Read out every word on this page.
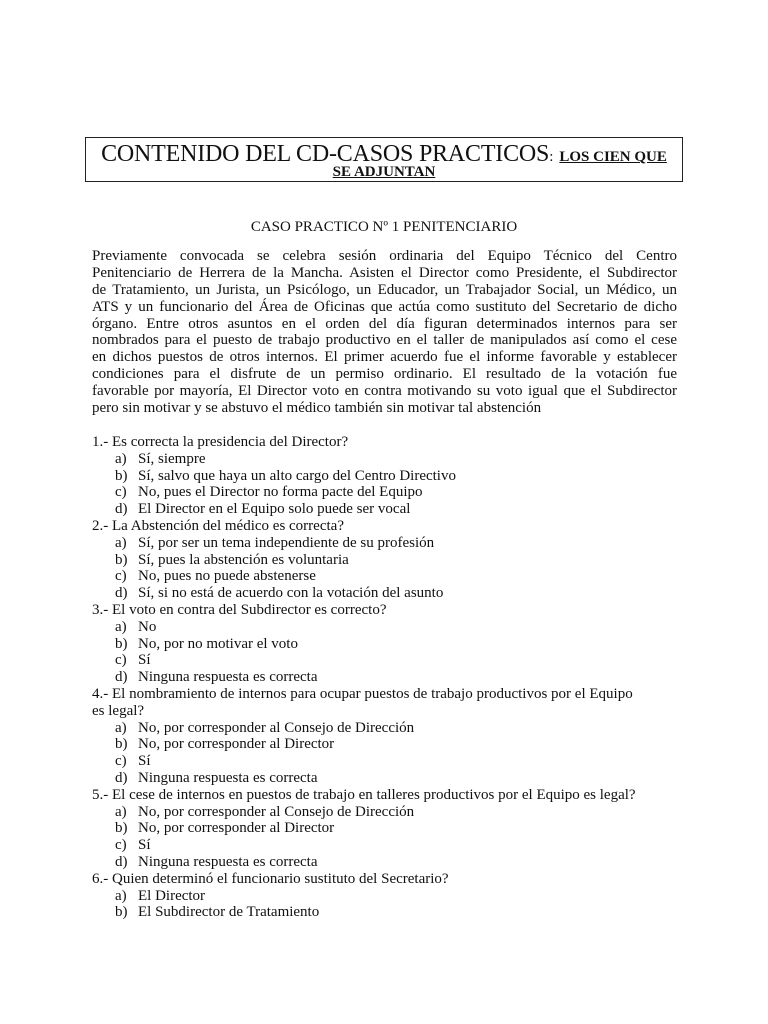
CONTENIDO DEL CD-CASOS PRACTICOS: LOS CIEN QUE
SE ADJUNTAN
CASO PRACTICO Nº 1 PENITENCIARIO

Previamente convocada se celebra sesión ordinaria del Equipo Técnico del Centro
Penitenciario de Herrera de la Mancha. Asisten el Director como Presidente, el Subdirector
de Tratamiento, un Jurista, un Psicólogo, un Educador, un Trabajador Social, un Médico, un
ATS y un funcionario del Área de Oficinas que actúa como sustituto del Secretario de dicho
órgano. Entre otros asuntos en el orden del día figuran determinados internos para ser
nombrados para el puesto de trabajo productivo en el taller de manipulados así como el cese
en dichos puestos de otros internos. El primer acuerdo fue el informe favorable y establecer
condiciones para el disfrute de un permiso ordinario. El resultado de la votación fue
favorable por mayoría, El Director voto en contra motivando su voto igual que el Subdirector
pero sin motivar y se abstuvo el médico también sin motivar tal abstención

1.- Es correcta la presidencia del Director?
a) Sí, siempre
b) Sí, salvo que haya un alto cargo del Centro Directivo
c) No, pues el Director no forma pacte del Equipo
d) El Director en el Equipo solo puede ser vocal
2.- La Abstención del médico es correcta?
a) Sí, por ser un tema independiente de su profesión
b) Sí, pues la abstención es voluntaria
c) No, pues no puede abstenerse
d) Sí, si no está de acuerdo con la votación del asunto
3.- El voto en contra del Subdirector es correcto?
a) No
b) No, por no motivar el voto
c) Sí
d) Ninguna respuesta es correcta
4.- El nombramiento de internos para ocupar puestos de trabajo productivos por el Equipo
es legal?
a) No, por corresponder al Consejo de Dirección
b) No, por corresponder al Director
c) Sí
d) Ninguna respuesta es correcta
5.- El cese de internos en puestos de trabajo en talleres productivos por el Equipo es legal?
a) No, por corresponder al Consejo de Dirección
b) No, por corresponder al Director
c) Sí
d) Ninguna respuesta es correcta
6.- Quien determinó el funcionario sustituto del Secretario?
a) El Director
b) El Subdirector de Tratamiento
